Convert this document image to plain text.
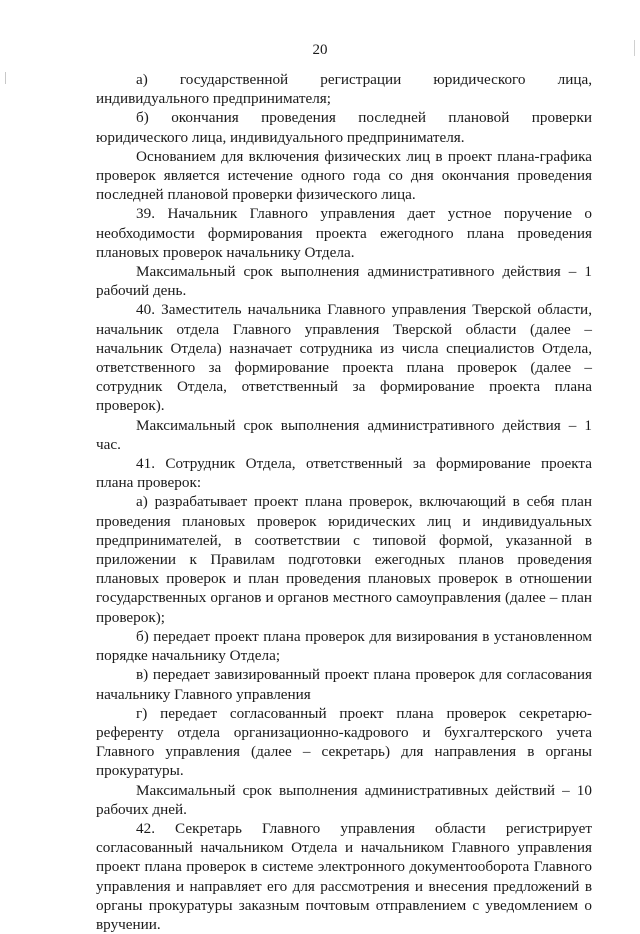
20

а) государственной регистрации юридического лица, индивидуального предпринимателя;

б) окончания проведения последней плановой проверки юридического лица, индивидуального предпринимателя.

Основанием для включения физических лиц в проект плана-графика проверок является истечение одного года со дня окончания проведения последней плановой проверки физического лица.

39. Начальник Главного управления дает устное поручение о необходимости формирования проекта ежегодного плана проведения плановых проверок начальнику Отдела.

Максимальный срок выполнения административного действия – 1 рабочий день.

40. Заместитель начальника Главного управления Тверской области, начальник отдела Главного управления Тверской области (далее – начальник Отдела) назначает сотрудника из числа специалистов Отдела, ответственного за формирование проекта плана проверок (далее – сотрудник Отдела, ответственный за формирование проекта плана проверок).

Максимальный срок выполнения административного действия – 1 час.

41. Сотрудник Отдела, ответственный за формирование проекта плана проверок:

а) разрабатывает проект плана проверок, включающий в себя план проведения плановых проверок юридических лиц и индивидуальных предпринимателей, в соответствии с типовой формой, указанной в приложении к Правилам подготовки ежегодных планов проведения плановых проверок и план проведения плановых проверок в отношении государственных органов и органов местного самоуправления (далее – план проверок);

б) передает проект плана проверок для визирования в установленном порядке начальнику Отдела;

в) передает завизированный проект плана проверок для согласования начальнику Главного управления

г) передает согласованный проект плана проверок секретарю-референту отдела организационно-кадрового и бухгалтерского учета Главного управления (далее – секретарь) для направления в органы прокуратуры.

Максимальный срок выполнения административных действий – 10 рабочих дней.

42. Секретарь Главного управления области регистрирует согласованный начальником Отдела и начальником Главного управления проект плана проверок в системе электронного документооборота Главного управления и направляет его для рассмотрения и внесения предложений в органы прокуратуры заказным почтовым отправлением с уведомлением о вручении.
